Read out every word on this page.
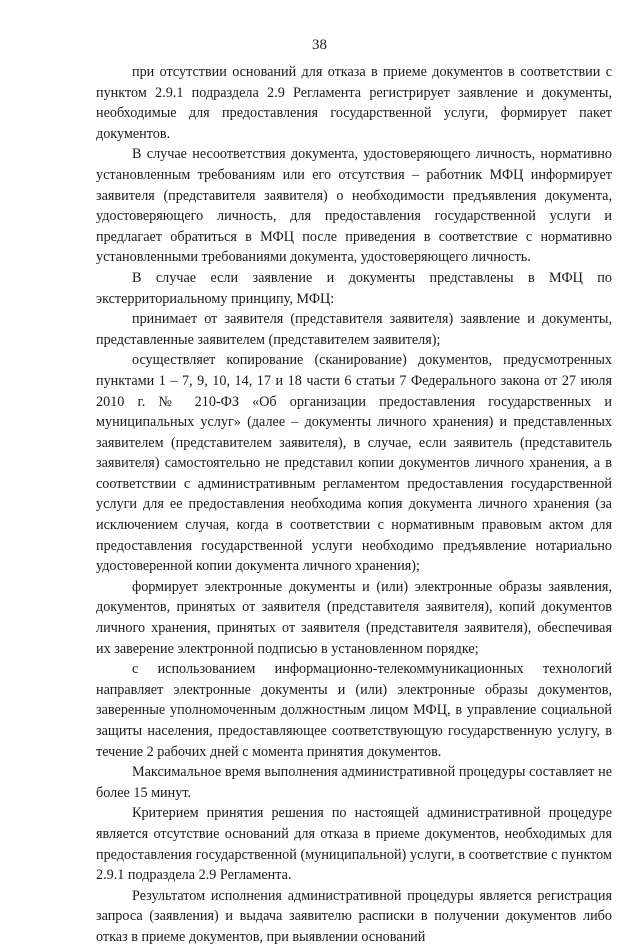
38

при отсутствии оснований для отказа в приеме документов в соответствии с пунктом 2.9.1 подраздела 2.9 Регламента регистрирует заявление и документы, необходимые для предоставления государственной услуги, формирует пакет документов.

В случае несоответствия документа, удостоверяющего личность, нормативно установленным требованиям или его отсутствия – работник МФЦ информирует заявителя (представителя заявителя) о необходимости предъявления документа, удостоверяющего личность, для предоставления государственной услуги и предлагает обратиться в МФЦ после приведения в соответствие с нормативно установленными требованиями документа, удостоверяющего личность.

В случае если заявление и документы представлены в МФЦ по экстерриториальному принципу, МФЦ:

принимает от заявителя (представителя заявителя) заявление и документы, представленные заявителем (представителем заявителя);

осуществляет копирование (сканирование) документов, предусмотренных пунктами 1 – 7, 9, 10, 14, 17 и 18 части 6 статьи 7 Федерального закона от 27 июля 2010 г. № 210-ФЗ «Об организации предоставления государственных и муниципальных услуг» (далее – документы личного хранения) и представленных заявителем (представителем заявителя), в случае, если заявитель (представитель заявителя) самостоятельно не представил копии документов личного хранения, а в соответствии с административным регламентом предоставления государственной услуги для ее предоставления необходима копия документа личного хранения (за исключением случая, когда в соответствии с нормативным правовым актом для предоставления государственной услуги необходимо предъявление нотариально удостоверенной копии документа личного хранения);

формирует электронные документы и (или) электронные образы заявления, документов, принятых от заявителя (представителя заявителя), копий документов личного хранения, принятых от заявителя (представителя заявителя), обеспечивая их заверение электронной подписью в установленном порядке;

с использованием информационно-телекоммуникационных технологий направляет электронные документы и (или) электронные образы документов, заверенные уполномоченным должностным лицом МФЦ, в управление социальной защиты населения, предоставляющее соответствующую государственную услугу, в течение 2 рабочих дней с момента принятия документов.

Максимальное время выполнения административной процедуры составляет не более 15 минут.

Критерием принятия решения по настоящей административной процедуре является отсутствие оснований для отказа в приеме документов, необходимых для предоставления государственной (муниципальной) услуги, в соответствие с пунктом 2.9.1 подраздела 2.9 Регламента.

Результатом исполнения административной процедуры является регистрация запроса (заявления) и выдача заявителю расписки в получении документов либо отказ в приеме документов, при выявлении оснований
